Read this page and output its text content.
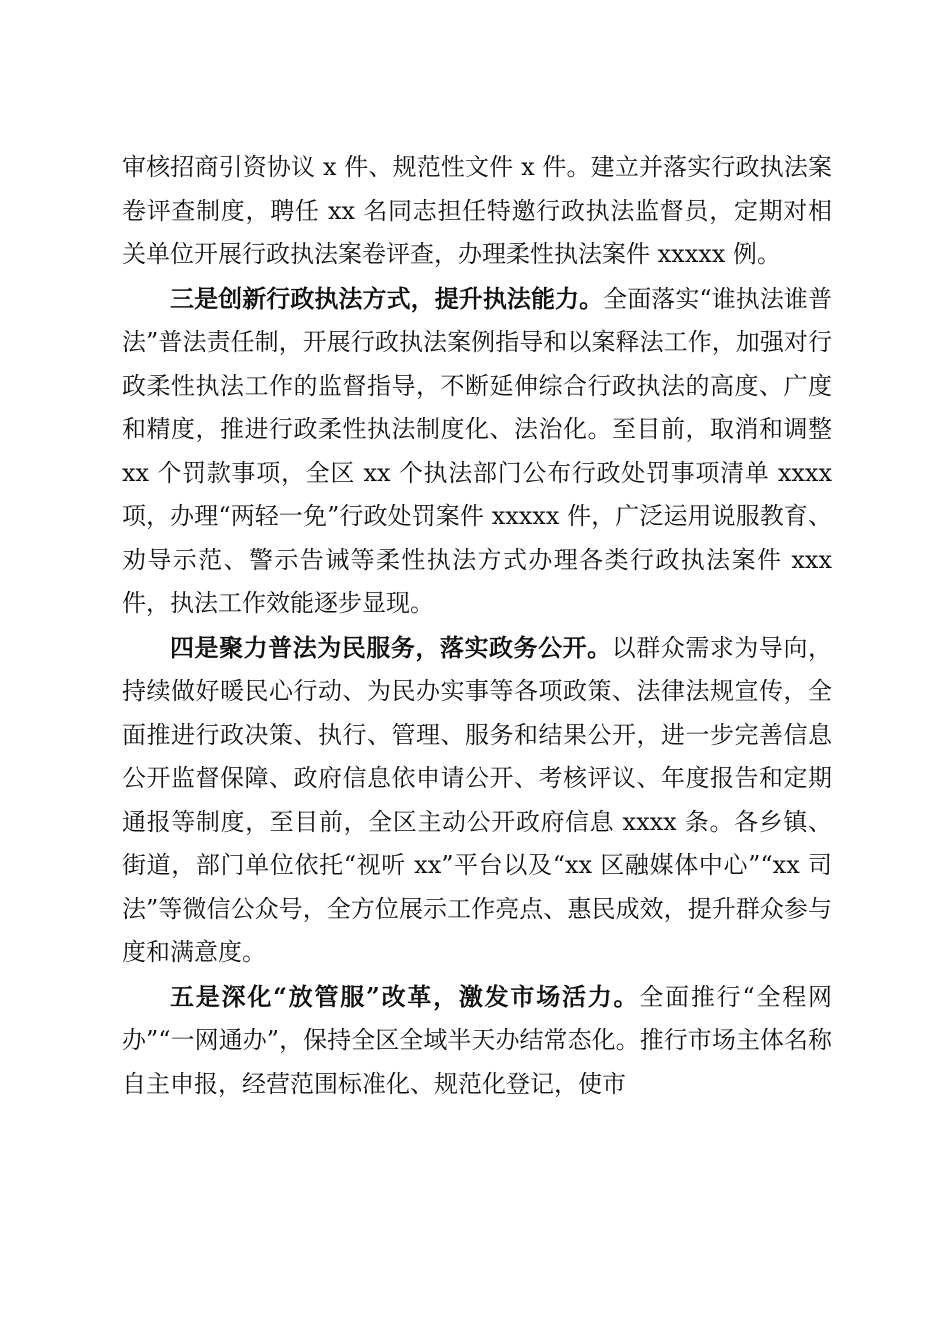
审核招商引资协议 x 件、规范性文件 x 件。建立并落实行政执法案卷评查制度，聘任 xx 名同志担任特邀行政执法监督员，定期对相关单位开展行政执法案卷评查，办理柔性执法案件 xxxxx 例。

三是创新行政执法方式，提升执法能力。全面落实“谁执法谁普法”普法责任制，开展行政执法案例指导和以案释法工作，加强对行政柔性执法工作的监督指导，不断延伸综合行政执法的高度、广度和精度，推进行政柔性执法制度化、法治化。至目前，取消和调整 xx 个罚款事项，全区 xx 个执法部门公布行政处罚事项清单 xxxx 项，办理“两轻一免”行政处罚案件 xxxxx 件，广泛运用说服教育、劝导示范、警示告诫等柔性执法方式办理各类行政执法案件 xxx 件，执法工作效能逐步显现。

四是聚力普法为民服务，落实政务公开。以群众需求为导向，持续做好暖民心行动、为民办实事等各项政策、法律法规宣传，全面推进行政决策、执行、管理、服务和结果公开，进一步完善信息公开监督保障、政府信息依申请公开、考核评议、年度报告和定期通报等制度，至目前，全区主动公开政府信息 xxxx 条。各乡镇、街道，部门单位依托“视听 xx”平台以及“xx 区融媒体中心”“xx 司法”等微信公众号，全方位展示工作亮点、惠民成效，提升群众参与度和满意度。

五是深化“放管服”改革，激发市场活力。全面推行“全程网办”“一网通办”，保持全区全域半天办结常态化。推行市场主体名称自主申报，经营范围标准化、规范化登记，使市
